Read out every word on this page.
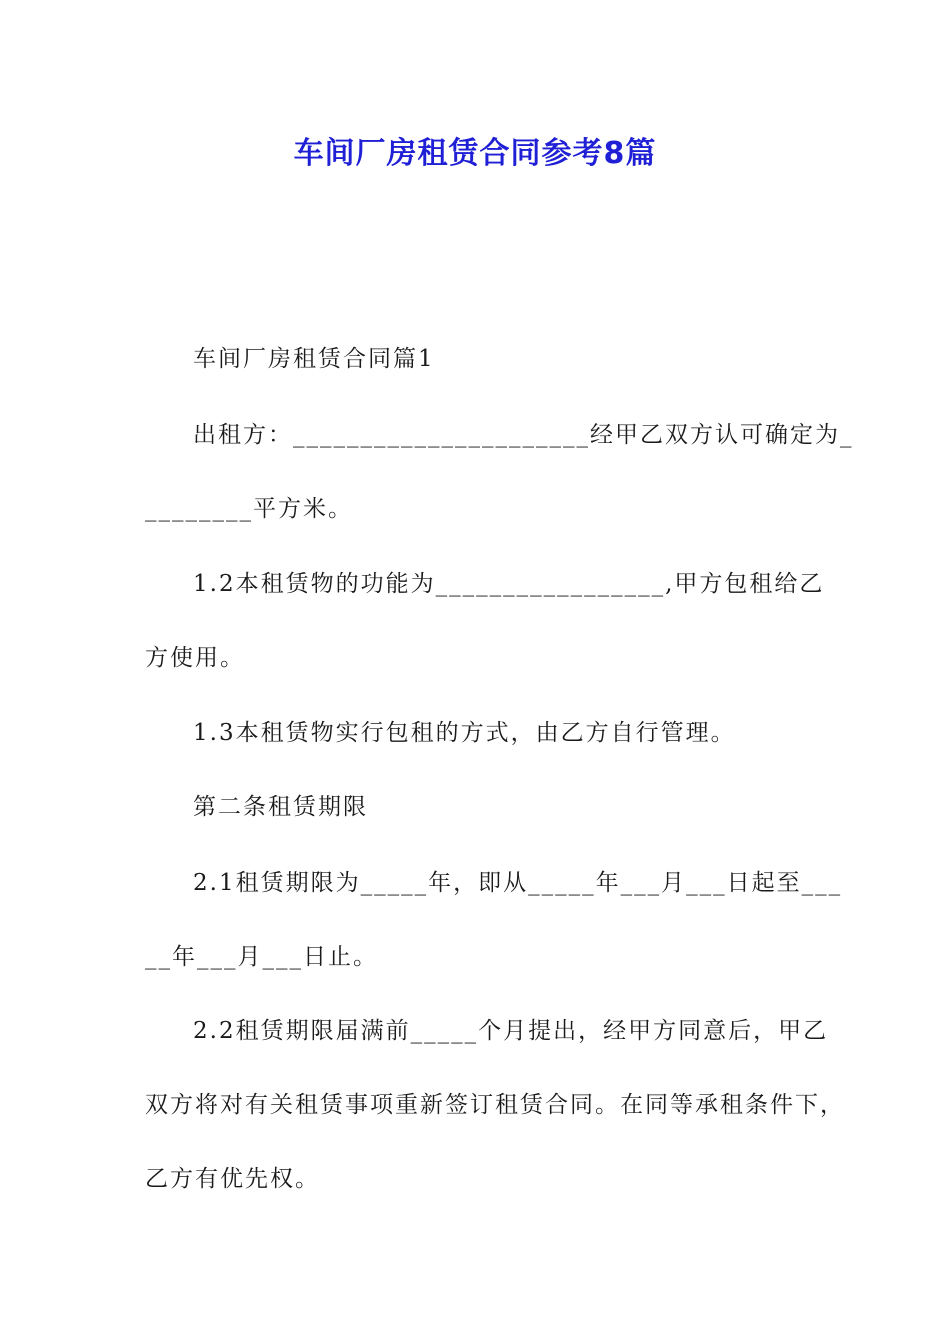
车间厂房租赁合同参考8篇
车间厂房租赁合同篇1
出租方：______________________经甲乙双方认可确定为_
________平方米。
1.2本租赁物的功能为_________________,甲方包租给乙
方使用。
1.3本租赁物实行包租的方式，由乙方自行管理。
第二条租赁期限
2.1租赁期限为_____年，即从_____年___月___日起至___
__年___月___日止。
2.2租赁期限届满前_____个月提出，经甲方同意后，甲乙
双方将对有关租赁事项重新签订租赁合同。在同等承租条件下，
乙方有优先权。
